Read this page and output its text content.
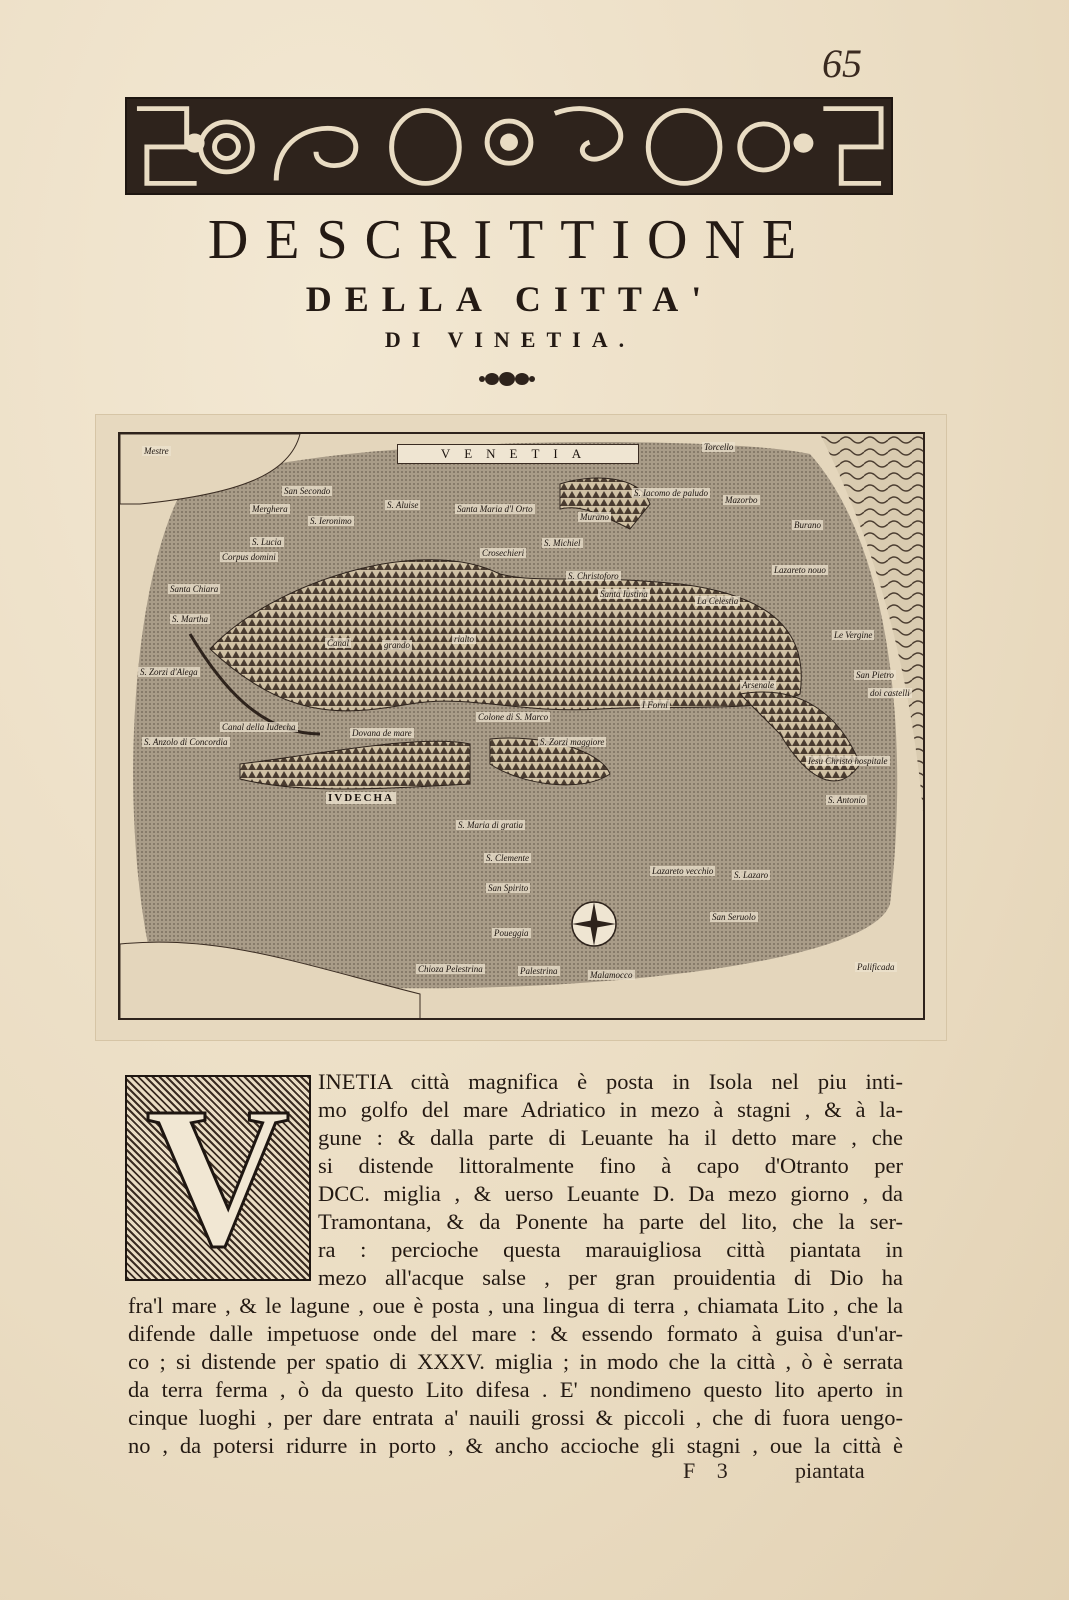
65
DESCRITTIONE
DELLA CITTA'
DI VINETIA.
VENETIA
Mestre
San Secondo
Merghera
S. Ieronimo
S. Aluise	Santa Maria d'l Orto
S. Lucia
Corpus domini	Crosechieri
Santa Chiara
S. Martha
S. Zorzi d'Alega
S. Anzolo di Concordia
Canal	grando
rialto
Canal della Iudecha
Dovana de mare
Colone di S. Marco
S. Zorzi maggiore
I Forni
Murano
S. Iacomo de paludo
Torcello
Mazorbo
Burano
S. Michiel
S. Christoforo
Santa Iustina
La Celestia
Lazareto nouo
Le Vergine
San Pietro
doi castelli
Arsenale
Iesu Christo hospitale
S. Antonio
S. Maria di gratia
S. Clemente
San Spirito
Lazareto vecchio S. Lazaro
San Seruolo
Poueggia
Chioza Pelestrina	Palestrina	Malamocco
Palificada
IVDECHA
V	INETIA città magnifica è posta in Isola nel piu inti-
mo golfo del mare Adriatico in mezo à stagni , & à la-
gune : & dalla parte di Leuante ha il detto mare , che
si distende littoralmente fino à capo d'Otranto per
DCC. miglia , & uerso Leuante D. Da mezo giorno , da
Tramontana, & da Ponente ha parte del lito, che la ser-
ra : percioche questa marauigliosa città piantata in
mezo all'acque salse , per gran prouidentia di Dio ha
fra'l mare , & le lagune , oue è posta , una lingua di terra , chiamata Lito , che la
difende dalle impetuose onde del mare : & essendo formato à guisa d'un'ar-
co ; si distende per spatio di XXXV. miglia ; in modo che la città , ò è serrata
da terra ferma , ò da questo Lito difesa . E' nondimeno questo lito aperto in
cinque luoghi , per dare entrata a' nauili grossi & piccoli , che di fuora uengo-
no , da potersi ridurre in porto , & ancho accioche gli stagni , oue la città è
F 3	piantata
